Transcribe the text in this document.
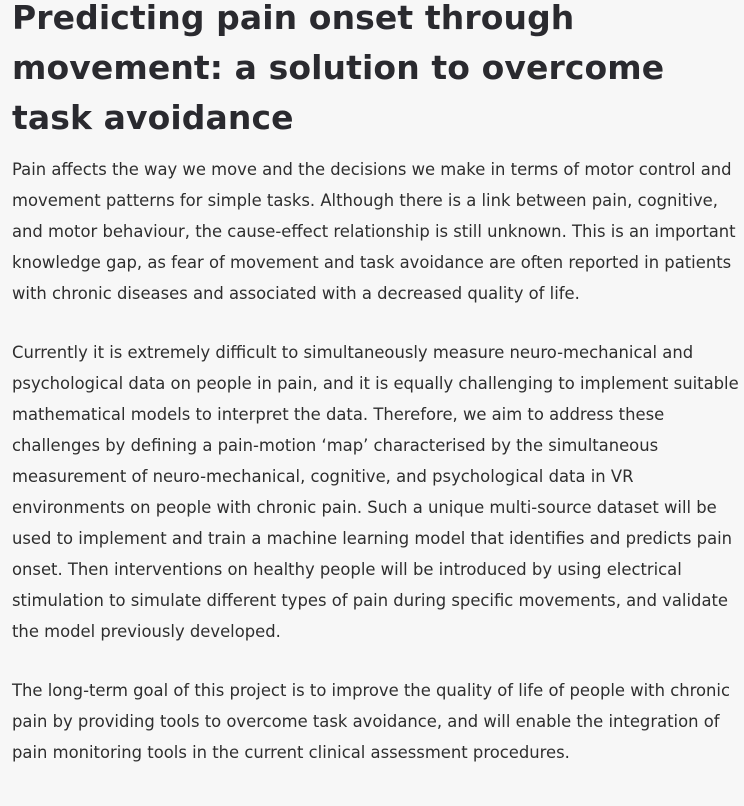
Predicting pain onset through movement: a solution to overcome task avoidance

Pain affects the way we move and the decisions we make in terms of motor control and movement patterns for simple tasks. Although there is a link between pain, cognitive, and motor behaviour, the cause-effect relationship is still unknown. This is an important knowledge gap, as fear of movement and task avoidance are often reported in patients with chronic diseases and associated with a decreased quality of life.

Currently it is extremely difficult to simultaneously measure neuro-mechanical and psychological data on people in pain, and it is equally challenging to implement suitable mathematical models to interpret the data. Therefore, we aim to address these challenges by defining a pain-motion ‘map’ characterised by the simultaneous measurement of neuro-mechanical, cognitive, and psychological data in VR environments on people with chronic pain. Such a unique multi-source dataset will be used to implement and train a machine learning model that identifies and predicts pain onset. Then interventions on healthy people will be introduced by using electrical stimulation to simulate different types of pain during specific movements, and validate the model previously developed.

The long-term goal of this project is to improve the quality of life of people with chronic pain by providing tools to overcome task avoidance, and will enable the integration of pain monitoring tools in the current clinical assessment procedures.
